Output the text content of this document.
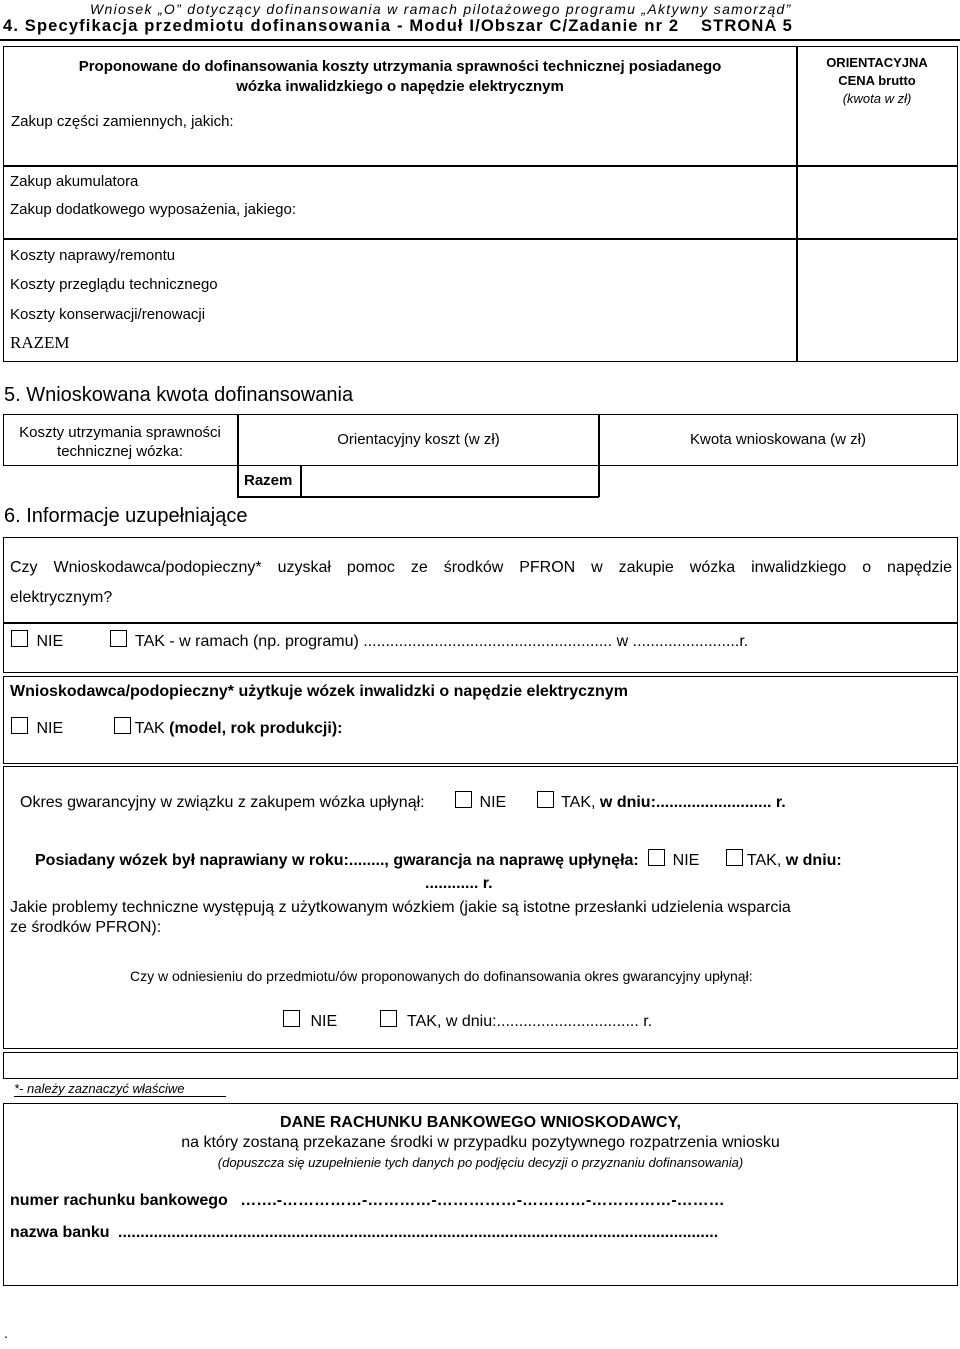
Wniosek „O” dotyczący dofinansowania w ramach pilotażowego programu „Aktywny samorząd”
4. Specyfikacja przedmiotu dofinansowania - Moduł I/Obszar C/Zadanie nr 2 STRONA 5
Proponowane do dofinansowania koszty utrzymania sprawności technicznej posiadanego
wózka inwalidzkiego o napędzie elektrycznym
Zakup części zamiennych, jakich:
ORIENTACYJNA
CENA brutto
(kwota w zł)
Zakup akumulatora
Zakup dodatkowego wyposażenia, jakiego:
Koszty naprawy/remontu
Koszty przeglądu technicznego
Koszty konserwacji/renowacji
RAZEM
5. Wnioskowana kwota dofinansowania
Koszty utrzymania sprawności
technicznej wózka:
Orientacyjny koszt (w zł)	Kwota wnioskowana (w zł)
Razem
6. Informacje uzupełniające
Czy Wnioskodawca/podopieczny* uzyskał pomoc ze środków PFRON w zakupie wózka inwalidzkiego o napędzie
elektrycznym?
NIE	TAK - w ramach (np. programu) ........................................................ w ........................r.
Wnioskodawca/podopieczny* użytkuje wózek inwalidzki o napędzie elektrycznym
NIE	TAK (model, rok produkcji):
Okres gwarancyjny w związku z zakupem wózka upłynął:	NIE	TAK, w dniu:.......................... r.
Posiadany wózek był naprawiany w roku:........, gwarancja na naprawę upłynęła: NIE	TAK, w dniu:
............ r.
Jakie problemy techniczne występują z użytkowanym wózkiem (jakie są istotne przesłanki udzielenia wsparcia
ze środków PFRON):
Czy w odniesieniu do przedmiotu/ów proponowanych do dofinansowania okres gwarancyjny upłynął:
NIE	TAK, w dniu:................................ r.
*- należy zaznaczyć właściwe
DANE RACHUNKU BANKOWEGO WNIOSKODAWCY,
na który zostaną przekazane środki w przypadku pozytywnego rozpatrzenia wniosku
(dopuszcza się uzupełnienie tych danych po podjęciu decyzji o przyznaniu dofinansowania)
numer rachunku bankowego …….-……………-…………-……………-…………-……………-………
nazwa banku .......................................................................................................................................
.
